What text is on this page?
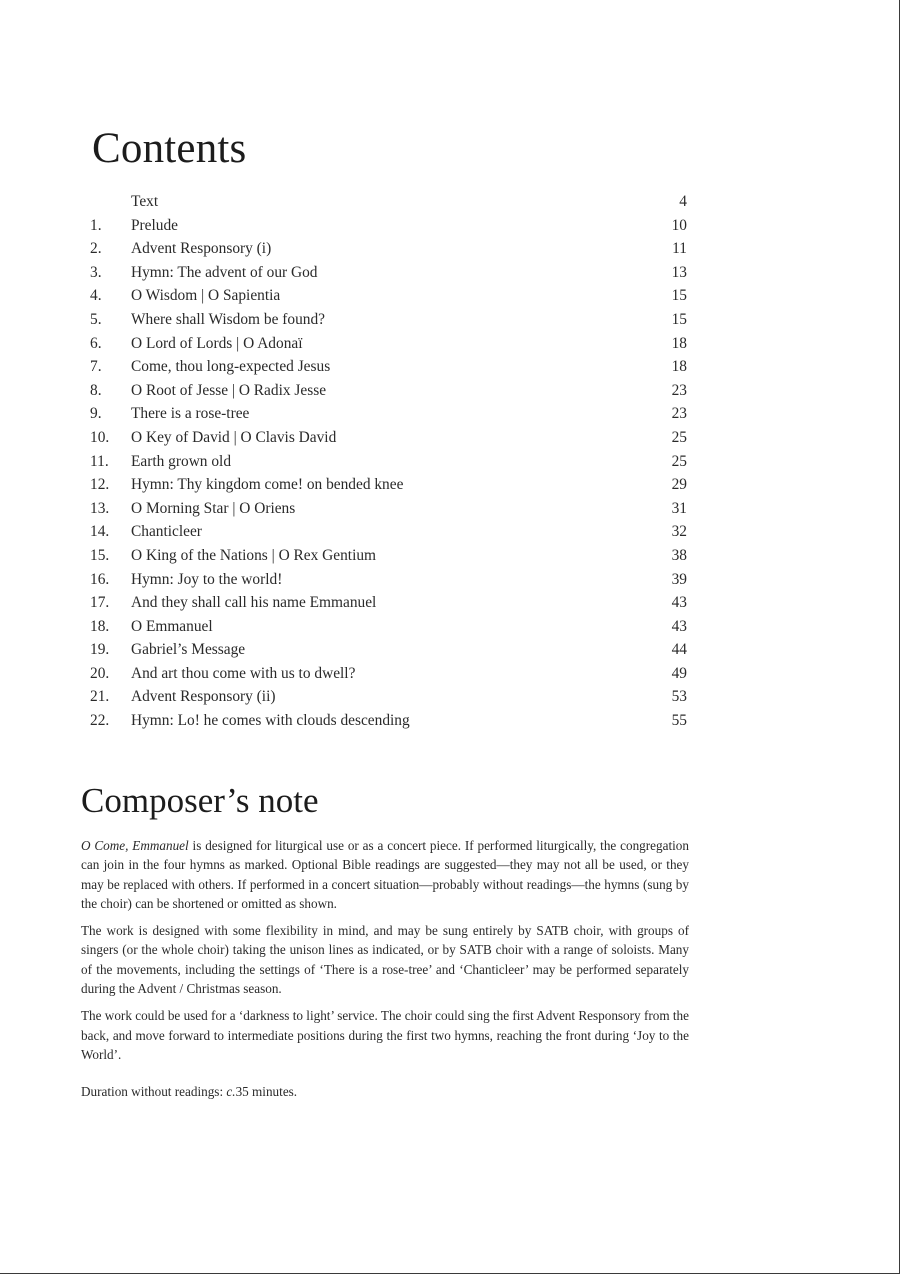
Contents
Text	4
1.	Prelude	10
2.	Advent Responsory (i)	11
3.	Hymn: The advent of our God	13
4.	O Wisdom | O Sapientia	15
5.	Where shall Wisdom be found?	15
6.	O Lord of Lords | O Adonaï	18
7.	Come, thou long-expected Jesus	18
8.	O Root of Jesse | O Radix Jesse	23
9.	There is a rose-tree	23
10.	O Key of David | O Clavis David	25
11.	Earth grown old	25
12.	Hymn: Thy kingdom come! on bended knee	29
13.	O Morning Star | O Oriens	31
14.	Chanticleer	32
15.	O King of the Nations | O Rex Gentium	38
16.	Hymn: Joy to the world!	39
17.	And they shall call his name Emmanuel	43
18.	O Emmanuel	43
19.	Gabriel’s Message	44
20.	And art thou come with us to dwell?	49
21.	Advent Responsory (ii)	53
22.	Hymn: Lo! he comes with clouds descending	55
Composer’s note

O Come, Emmanuel is designed for liturgical use or as a concert piece. If performed liturgically, the congregation can join in the four hymns as marked. Optional Bible readings are suggested—they may not all be used, or they may be replaced with others. If performed in a concert situation—probably without readings—the hymns (sung by the choir) can be shortened or omitted as shown.

The work is designed with some flexibility in mind, and may be sung entirely by SATB choir, with groups of singers (or the whole choir) taking the unison lines as indicated, or by SATB choir with a range of soloists. Many of the movements, including the settings of ‘There is a rose-tree’ and ‘Chanticleer’ may be performed separately during the Advent / Christmas season.

The work could be used for a ‘darkness to light’ service. The choir could sing the first Advent Responsory from the back, and move forward to intermediate positions during the first two hymns, reaching the front during ‘Joy to the World’.

Duration without readings: c.35 minutes.
